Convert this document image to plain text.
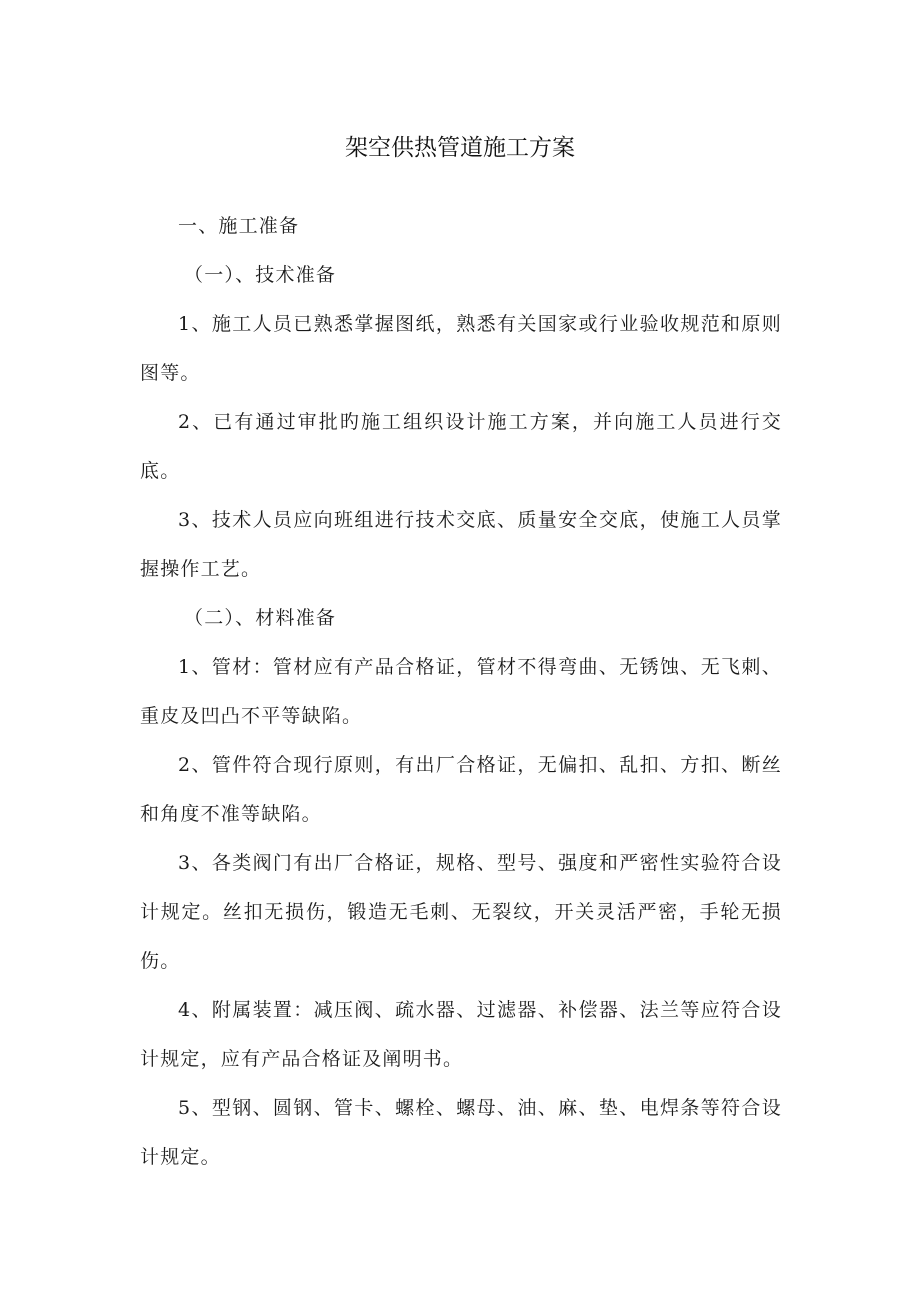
架空供热管道施工方案

一、施工准备

（一）、技术准备

1、施工人员已熟悉掌握图纸，熟悉有关国家或行业验收规范和原则图等。

2、已有通过审批旳施工组织设计施工方案，并向施工人员进行交底。

3、技术人员应向班组进行技术交底、质量安全交底，使施工人员掌握操作工艺。

（二）、材料准备

1、管材：管材应有产品合格证，管材不得弯曲、无锈蚀、无飞刺、重皮及凹凸不平等缺陷。

2、管件符合现行原则，有出厂合格证，无偏扣、乱扣、方扣、断丝和角度不准等缺陷。

3、各类阀门有出厂合格证，规格、型号、强度和严密性实验符合设计规定。丝扣无损伤，锻造无毛刺、无裂纹，开关灵活严密，手轮无损伤。

4、附属装置：减压阀、疏水器、过滤器、补偿器、法兰等应符合设计规定，应有产品合格证及阐明书。

5、型钢、圆钢、管卡、螺栓、螺母、油、麻、垫、电焊条等符合设计规定。
